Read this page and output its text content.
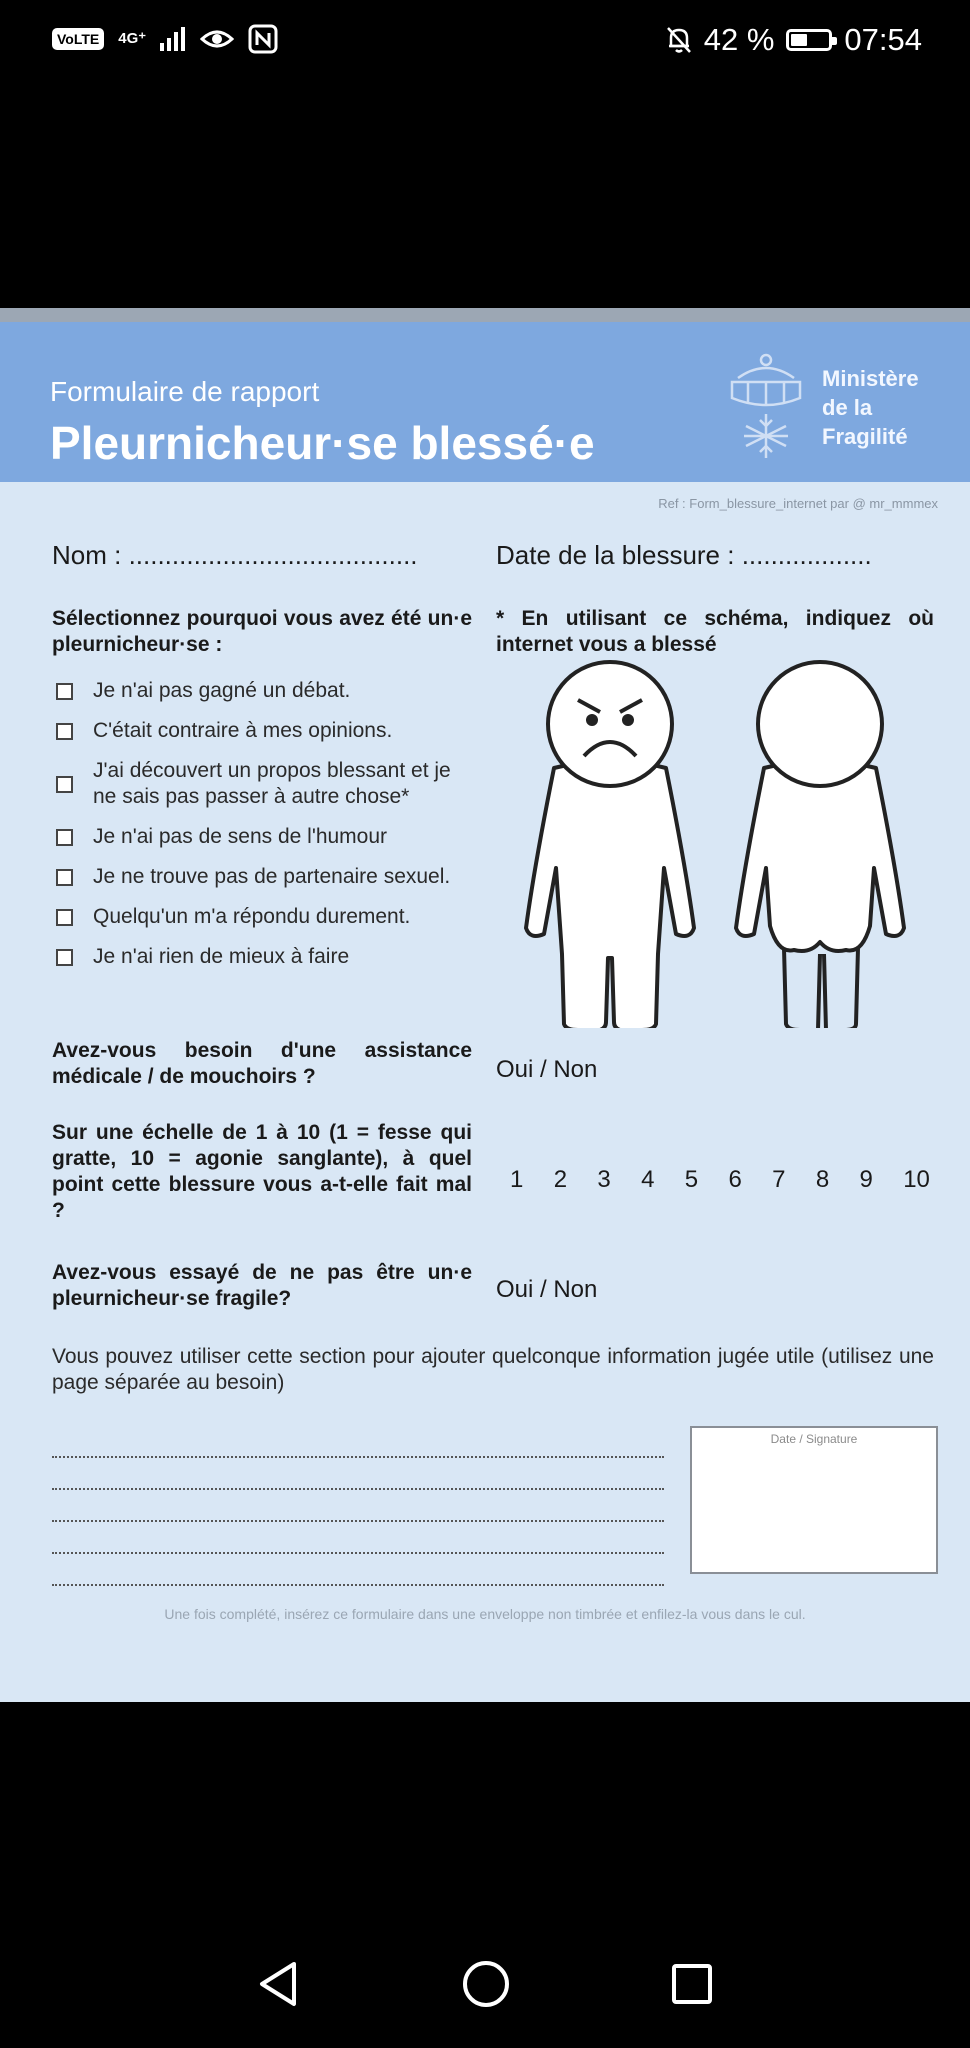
VoLTE	4G⁺	42 % 07:54
Formulaire de rapport
Pleurnicheur·se blessé·e
Ministère
de la
Fragilité
Ref : Form_blessure_internet par @ mr_mmmex
Nom : ........................................	Date de la blessure : ..................
Sélectionnez pourquoi vous avez été un·e pleurnicheur·se :
* En utilisant ce schéma, indiquez où internet vous a blessé
Je n'ai pas gagné un débat.
C'était contraire à mes opinions.
J'ai découvert un propos blessant et je ne sais pas passer à autre chose*
Je n'ai pas de sens de l'humour
Je ne trouve pas de partenaire sexuel.
Quelqu'un m'a répondu durement.
Je n'ai rien de mieux à faire
Avez-vous besoin d'une assistance médicale / de mouchoirs ?	Oui / Non
Sur une échelle de 1 à 10 (1 = fesse qui gratte, 10 = agonie sanglante), à quel point cette blessure vous a-t-elle fait mal ?
1 2 3 4 5 6 7 8 9 10
Avez-vous essayé de ne pas être un·e pleurnicheur·se fragile?	Oui / Non
Vous pouvez utiliser cette section pour ajouter quelconque information jugée utile (utilisez une page séparée au besoin)
Date / Signature
Une fois complété, insérez ce formulaire dans une enveloppe non timbrée et enfilez-la vous dans le cul.
